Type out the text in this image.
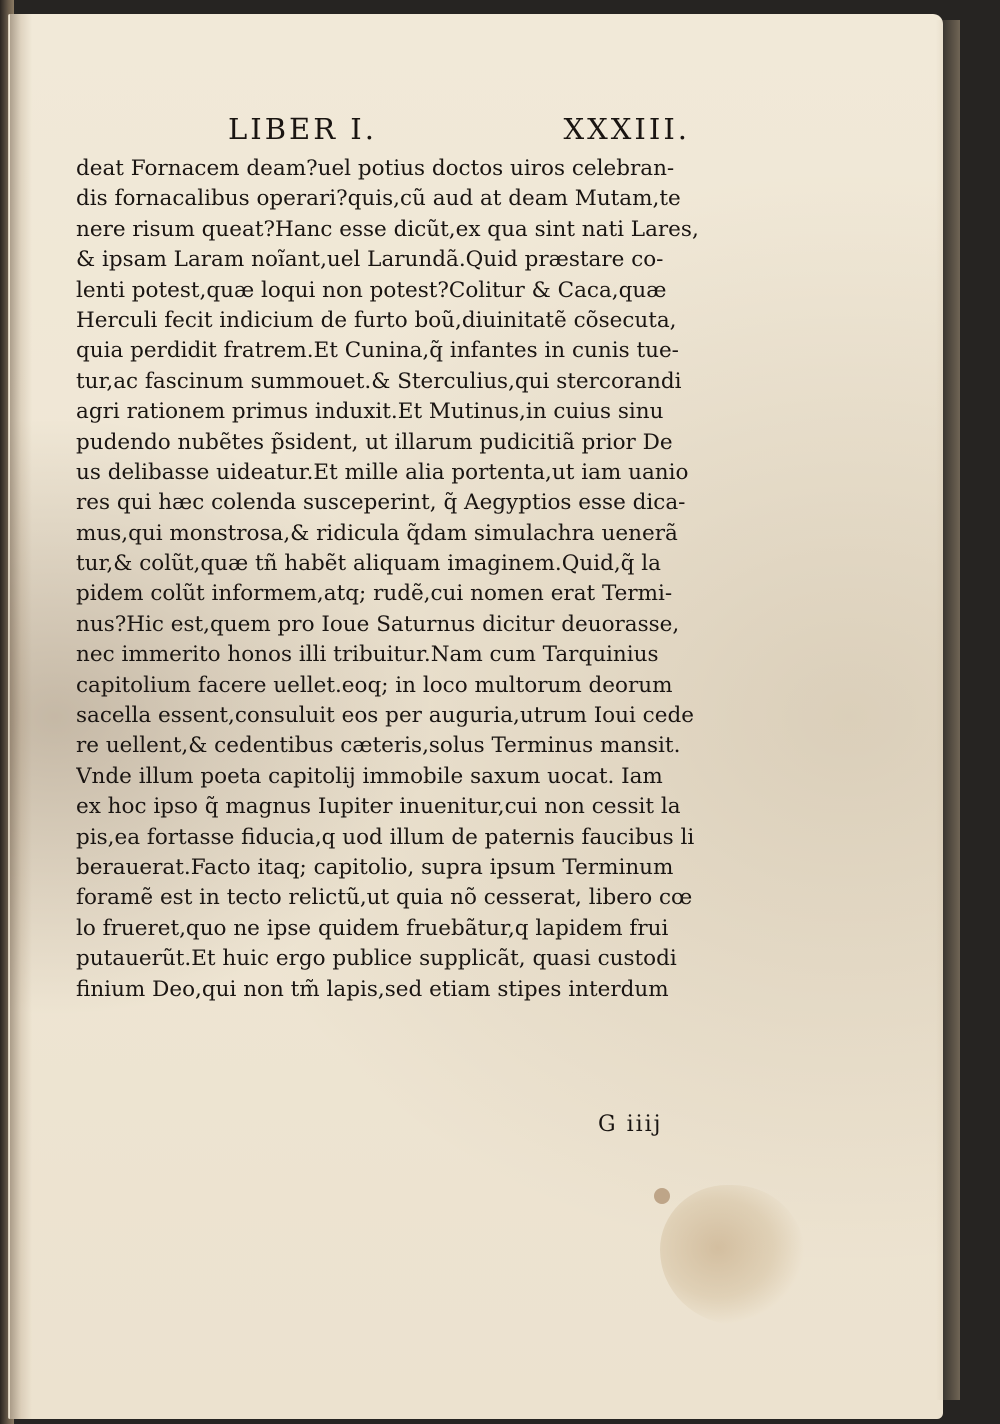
LIBER I.	XXXIII.
deat Fornacem deam?uel potius doctos uiros celebran-
dis fornacalibus operari?quis,cũ aud at deam Mutam,te
nere risum queat?Hanc esse dicũt,ex qua sint nati Lares,
& ipsam Laram noĩant,uel Larundã.Quid præstare co-
lenti potest,quæ loqui non potest?Colitur & Caca,quæ
Herculi fecit indicium de furto boũ,diuinitatẽ cõsecuta,
quia perdidit fratrem.Et Cunina,q̃ infantes in cunis tue-
tur,ac fascinum summouet.& Sterculius,qui stercorandi
agri rationem primus induxit.Et Mutinus,in cuius sinu
pudendo nubẽtes p̃sident, ut illarum pudicitiã prior De
us delibasse uideatur.Et mille alia portenta,ut iam uanio
res qui hæc colenda susceperint, q̃ Aegyptios esse dica-
mus,qui monstrosa,& ridicula q̃dam simulachra uenerã
tur,& colũt,quæ tñ habẽt aliquam imaginem.Quid,q̃ la
pidem colũt informem,atq; rudẽ,cui nomen erat Termi-
nus?Hic est,quem pro Ioue Saturnus dicitur deuorasse,
nec immerito honos illi tribuitur.Nam cum Tarquinius
capitolium facere uellet.eoq; in loco multorum deorum
sacella essent,consuluit eos per auguria,utrum Ioui cede
re uellent,& cedentibus cæteris,solus Terminus mansit.
Vnde illum poeta capitolij immobile saxum uocat. Iam
ex hoc ipso q̃ magnus Iupiter inuenitur,cui non cessit la
pis,ea fortasse fiducia,q uod illum de paternis faucibus li
berauerat.Facto itaq; capitolio, supra ipsum Terminum
foramẽ est in tecto relictũ,ut quia nõ cesserat, libero cœ
lo frueret,quo ne ipse quidem fruebãtur,q lapidem frui
putauerũt.Et huic ergo publice supplicãt, quasi custodi
finium Deo,qui non tm̃ lapis,sed etiam stipes interdum
G iiij
